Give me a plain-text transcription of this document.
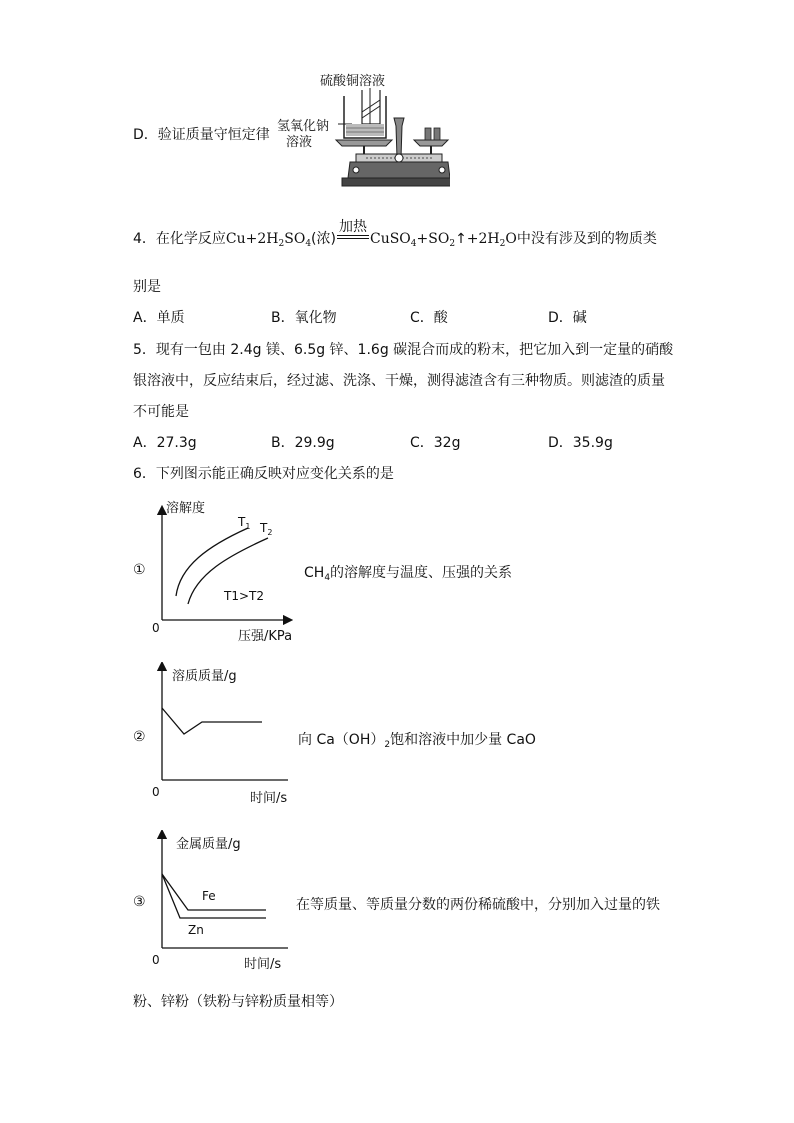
D．验证质量守恒定律
硫酸铜溶液
氢氧化钠
溶液
4．在化学反应$Cu+2H_2SO_4$(浓)
加热
$CuSO_4+SO_2↑+2H_2O$中没有涉及到的物质类
别是
A．单质	B．氧化物	C．酸	D．碱
5．现有一包由 2.4g 镁、6.5g 锌、1.6g 碳混合而成的粉末，把它加入到一定量的硝酸
银溶液中，反应结束后，经过滤、洗涤、干燥，测得滤渣含有三种物质。则滤渣的质量
不可能是
A．27.3g	B．29.9g	C．32g	D．35.9g
6．下列图示能正确反映对应变化关系的是
溶解度
0
压强/KPa
$T_1$ $T_2$
T1>T2
①	$CH_4$的溶解度与温度、压强的关系
溶质质量/g
0	时间/s
②	向 $Ca(OH)_2$饱和溶液中加少量 CaO
金属质量/g
0	时间/s
Fe
Zn
③	在等质量、等质量分数的两份稀硫酸中，分别加入过量的铁
粉、锌粉（铁粉与锌粉质量相等）
